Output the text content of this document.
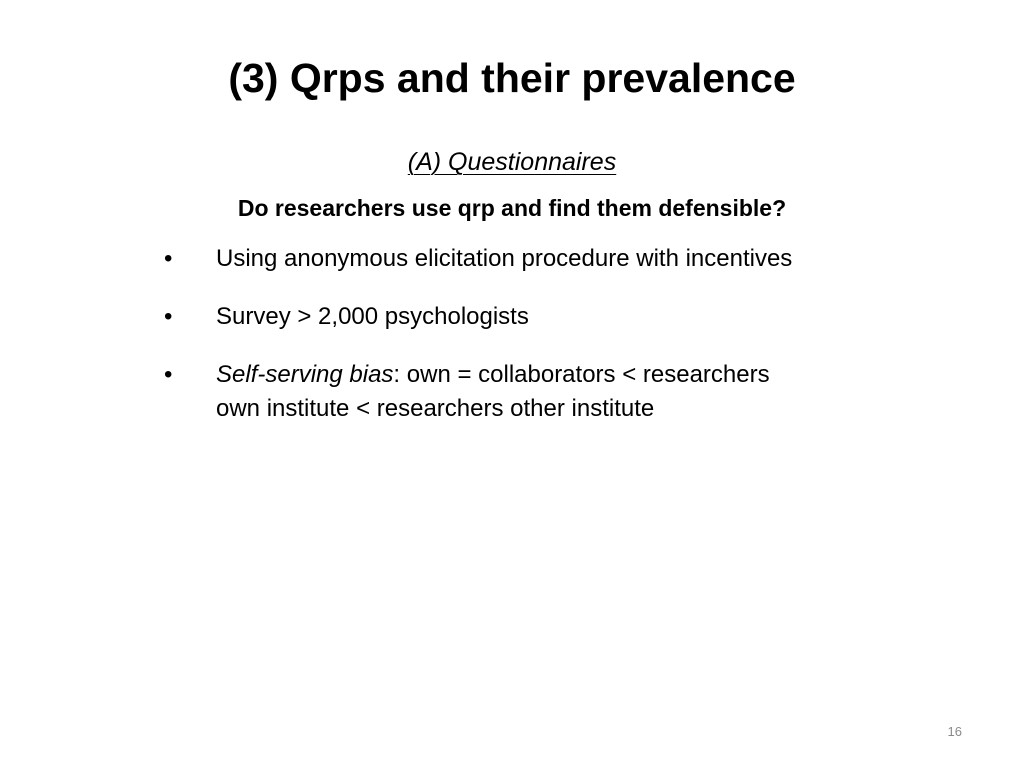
(3) Qrps and their prevalence
(A) Questionnaires
Do researchers use qrp and find them defensible?
•	Using anonymous elicitation procedure with incentives
•	Survey > 2,000 psychologists
•	Self-serving bias: own = collaborators < researchers own institute < researchers other institute
16
